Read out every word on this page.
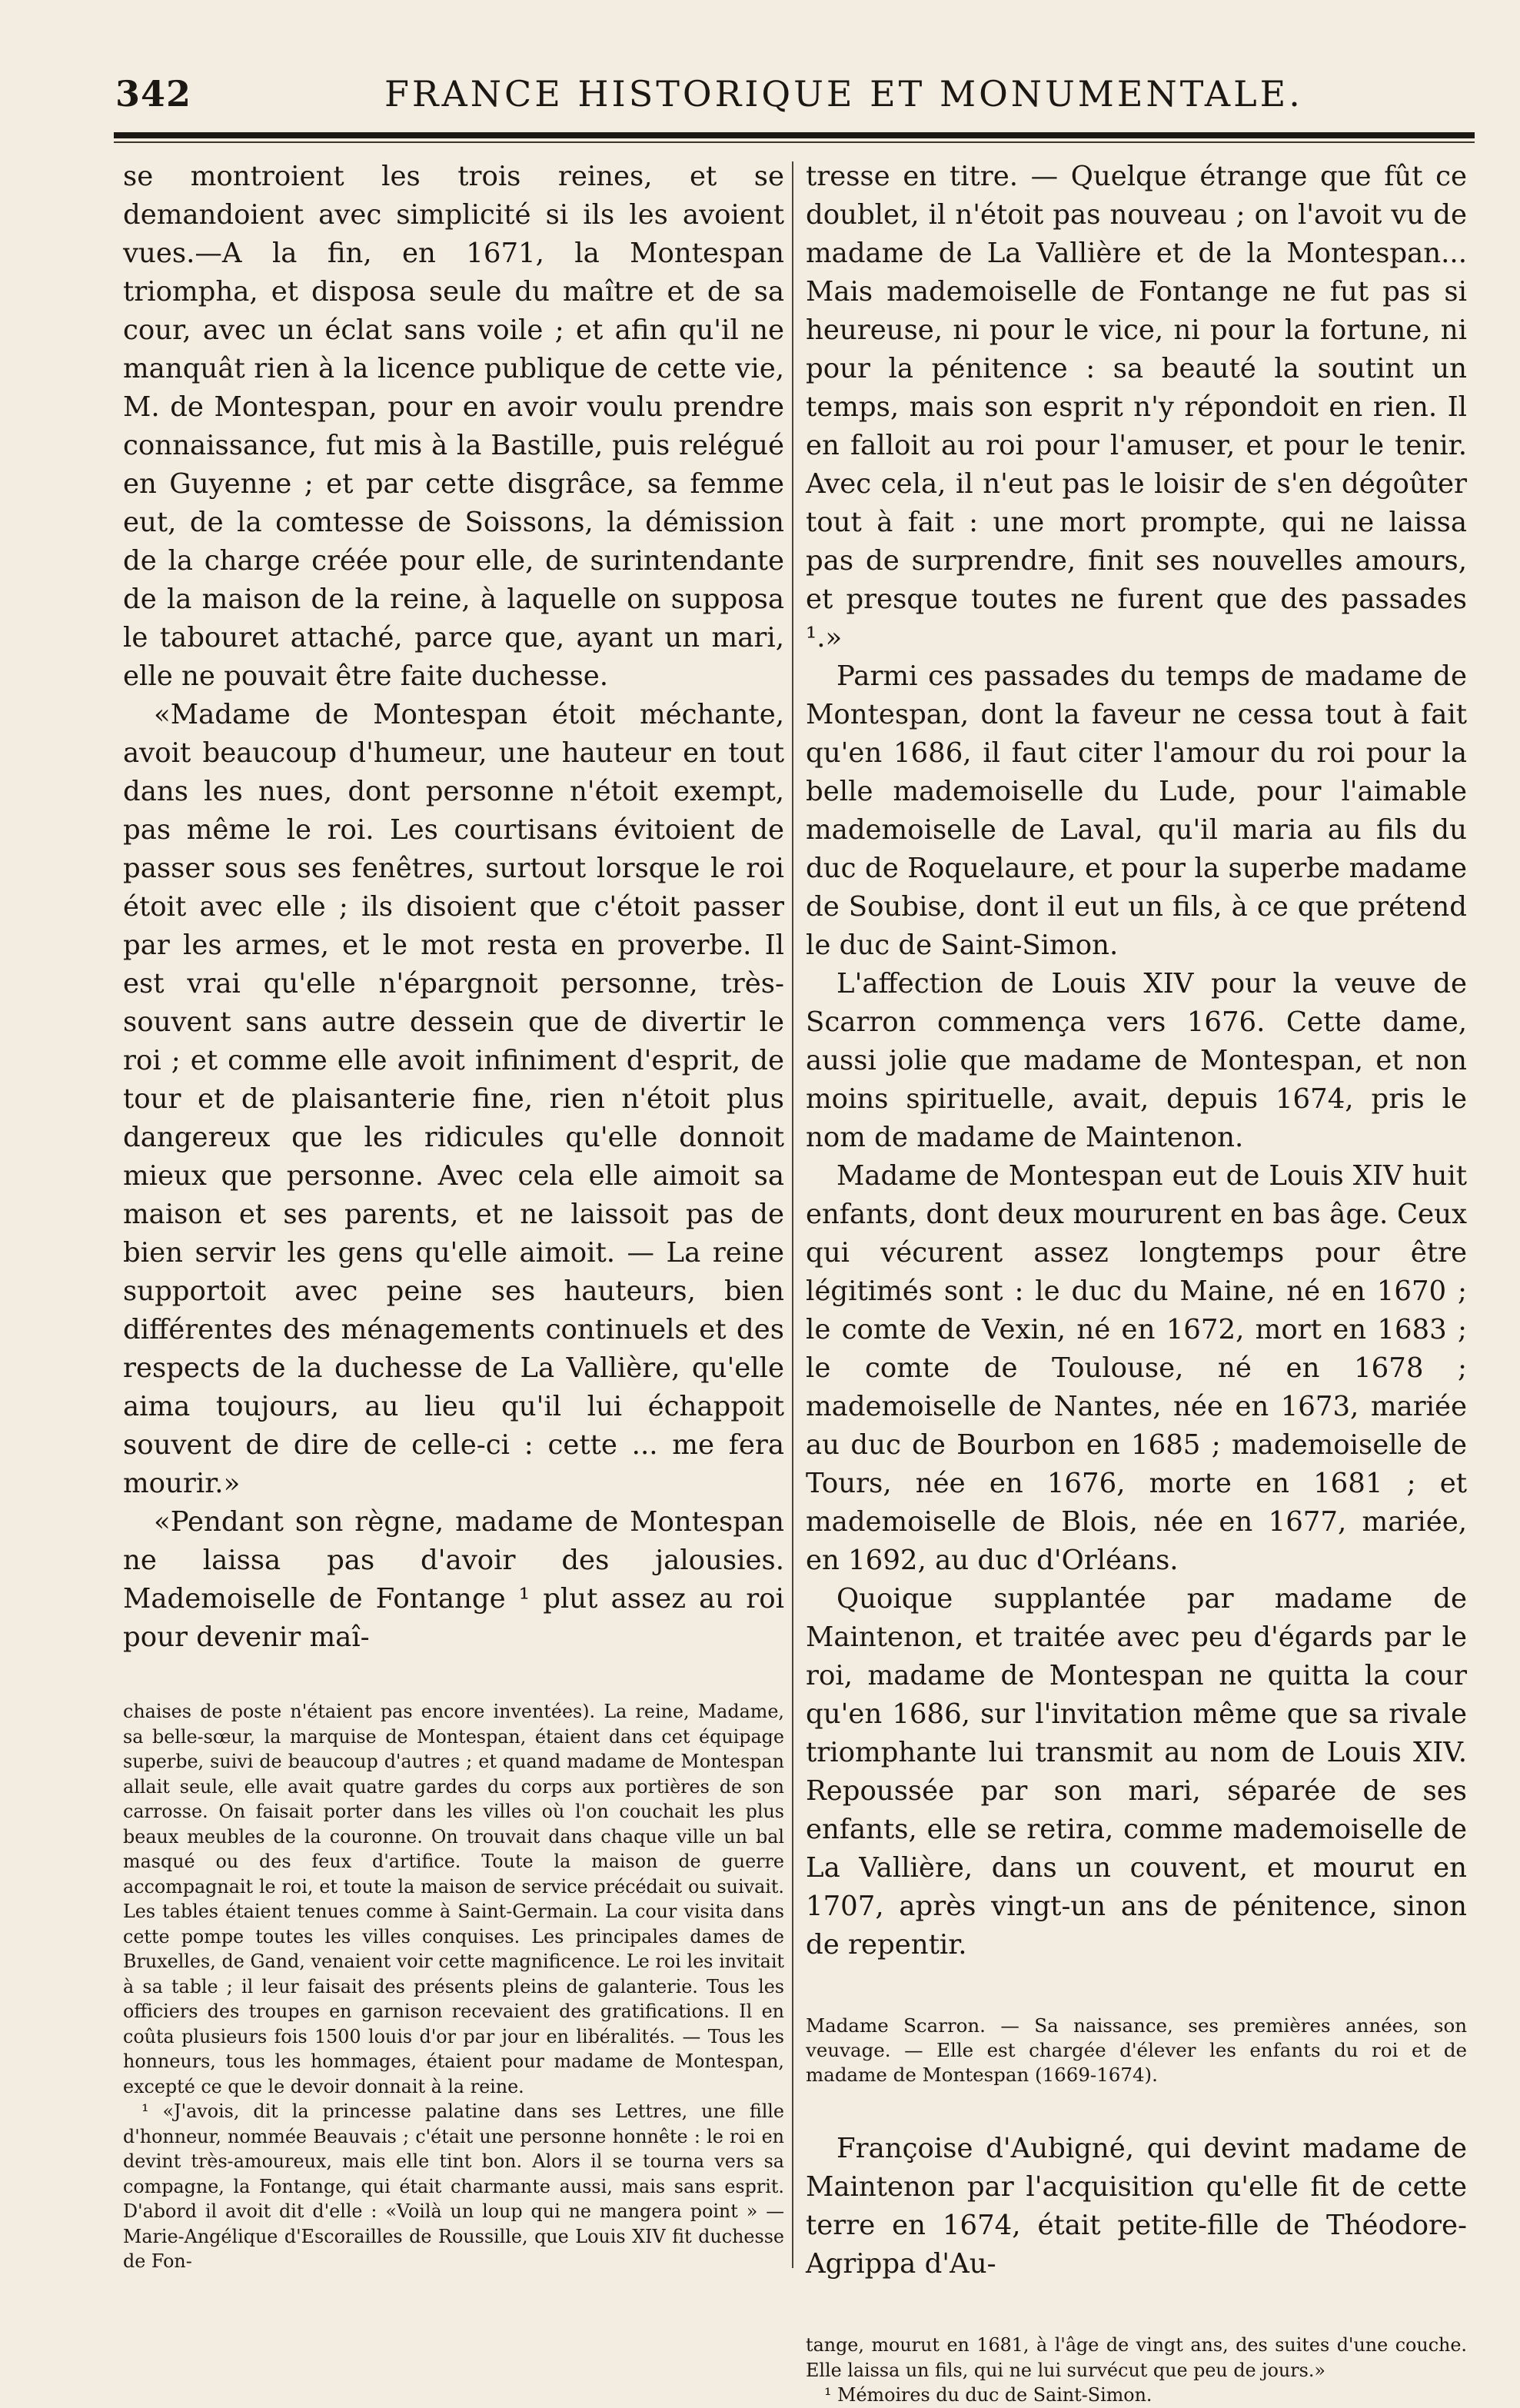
342	FRANCE HISTORIQUE ET MONUMENTALE.

se montroient les trois reines, et se demandoient avec simplicité si ils les avoient vues.—A la fin, en 1671, la Montespan triompha, et disposa seule du maître et de sa cour, avec un éclat sans voile ; et afin qu'il ne manquât rien à la licence publique de cette vie, M. de Montespan, pour en avoir voulu prendre connaissance, fut mis à la Bastille, puis relégué en Guyenne ; et par cette disgrâce, sa femme eut, de la comtesse de Soissons, la démission de la charge créée pour elle, de surintendante de la maison de la reine, à laquelle on supposa le tabouret attaché, parce que, ayant un mari, elle ne pouvait être faite duchesse.

«Madame de Montespan étoit méchante, avoit beaucoup d'humeur, une hauteur en tout dans les nues, dont personne n'étoit exempt, pas même le roi. Les courtisans évitoient de passer sous ses fenêtres, surtout lorsque le roi étoit avec elle ; ils disoient que c'étoit passer par les armes, et le mot resta en proverbe. Il est vrai qu'elle n'épargnoit personne, très-souvent sans autre dessein que de divertir le roi ; et comme elle avoit infiniment d'esprit, de tour et de plaisanterie fine, rien n'étoit plus dangereux que les ridicules qu'elle donnoit mieux que personne. Avec cela elle aimoit sa maison et ses parents, et ne laissoit pas de bien servir les gens qu'elle aimoit. — La reine supportoit avec peine ses hauteurs, bien différentes des ménagements continuels et des respects de la duchesse de La Vallière, qu'elle aima toujours, au lieu qu'il lui échappoit souvent de dire de celle-ci : cette ... me fera mourir.»

«Pendant son règne, madame de Montespan ne laissa pas d'avoir des jalousies. Mademoiselle de Fontange ¹ plut assez au roi pour devenir maî-

chaises de poste n'étaient pas encore inventées). La reine, Madame, sa belle-sœur, la marquise de Montespan, étaient dans cet équipage superbe, suivi de beaucoup d'autres ; et quand madame de Montespan allait seule, elle avait quatre gardes du corps aux portières de son carrosse. On faisait porter dans les villes où l'on couchait les plus beaux meubles de la couronne. On trouvait dans chaque ville un bal masqué ou des feux d'artifice. Toute la maison de guerre accompagnait le roi, et toute la maison de service précédait ou suivait. Les tables étaient tenues comme à Saint-Germain. La cour visita dans cette pompe toutes les villes conquises. Les principales dames de Bruxelles, de Gand, venaient voir cette magnificence. Le roi les invitait à sa table ; il leur faisait des présents pleins de galanterie. Tous les officiers des troupes en garnison recevaient des gratifications. Il en coûta plusieurs fois 1500 louis d'or par jour en libéralités. — Tous les honneurs, tous les hommages, étaient pour madame de Montespan, excepté ce que le devoir donnait à la reine.

¹ «J'avois, dit la princesse palatine dans ses Lettres, une fille d'honneur, nommée Beauvais ; c'était une personne honnête : le roi en devint très-amoureux, mais elle tint bon. Alors il se tourna vers sa compagne, la Fontange, qui était charmante aussi, mais sans esprit. D'abord il avoit dit d'elle : «Voilà un loup qui ne mangera point » — Marie-Angélique d'Escorailles de Roussille, que Louis XIV fit duchesse de Fon-

tresse en titre. — Quelque étrange que fût ce doublet, il n'étoit pas nouveau ; on l'avoit vu de madame de La Vallière et de la Montespan... Mais mademoiselle de Fontange ne fut pas si heureuse, ni pour le vice, ni pour la fortune, ni pour la pénitence : sa beauté la soutint un temps, mais son esprit n'y répondoit en rien. Il en falloit au roi pour l'amuser, et pour le tenir. Avec cela, il n'eut pas le loisir de s'en dégoûter tout à fait : une mort prompte, qui ne laissa pas de surprendre, finit ses nouvelles amours, et presque toutes ne furent que des passades ¹.»

Parmi ces passades du temps de madame de Montespan, dont la faveur ne cessa tout à fait qu'en 1686, il faut citer l'amour du roi pour la belle mademoiselle du Lude, pour l'aimable mademoiselle de Laval, qu'il maria au fils du duc de Roquelaure, et pour la superbe madame de Soubise, dont il eut un fils, à ce que prétend le duc de Saint-Simon.

L'affection de Louis XIV pour la veuve de Scarron commença vers 1676. Cette dame, aussi jolie que madame de Montespan, et non moins spirituelle, avait, depuis 1674, pris le nom de madame de Maintenon.

Madame de Montespan eut de Louis XIV huit enfants, dont deux moururent en bas âge. Ceux qui vécurent assez longtemps pour être légitimés sont : le duc du Maine, né en 1670 ; le comte de Vexin, né en 1672, mort en 1683 ; le comte de Toulouse, né en 1678 ; mademoiselle de Nantes, née en 1673, mariée au duc de Bourbon en 1685 ; mademoiselle de Tours, née en 1676, morte en 1681 ; et mademoiselle de Blois, née en 1677, mariée, en 1692, au duc d'Orléans.

Quoique supplantée par madame de Maintenon, et traitée avec peu d'égards par le roi, madame de Montespan ne quitta la cour qu'en 1686, sur l'invitation même que sa rivale triomphante lui transmit au nom de Louis XIV. Repoussée par son mari, séparée de ses enfants, elle se retira, comme mademoiselle de La Vallière, dans un couvent, et mourut en 1707, après vingt-un ans de pénitence, sinon de repentir.

Madame Scarron. — Sa naissance, ses premières années, son veuvage. — Elle est chargée d'élever les enfants du roi et de madame de Montespan (1669-1674).

Françoise d'Aubigné, qui devint madame de Maintenon par l'acquisition qu'elle fit de cette terre en 1674, était petite-fille de Théodore-Agrippa d'Au-

tange, mourut en 1681, à l'âge de vingt ans, des suites d'une couche. Elle laissa un fils, qui ne lui survécut que peu de jours.»

¹ Mémoires du duc de Saint-Simon.
